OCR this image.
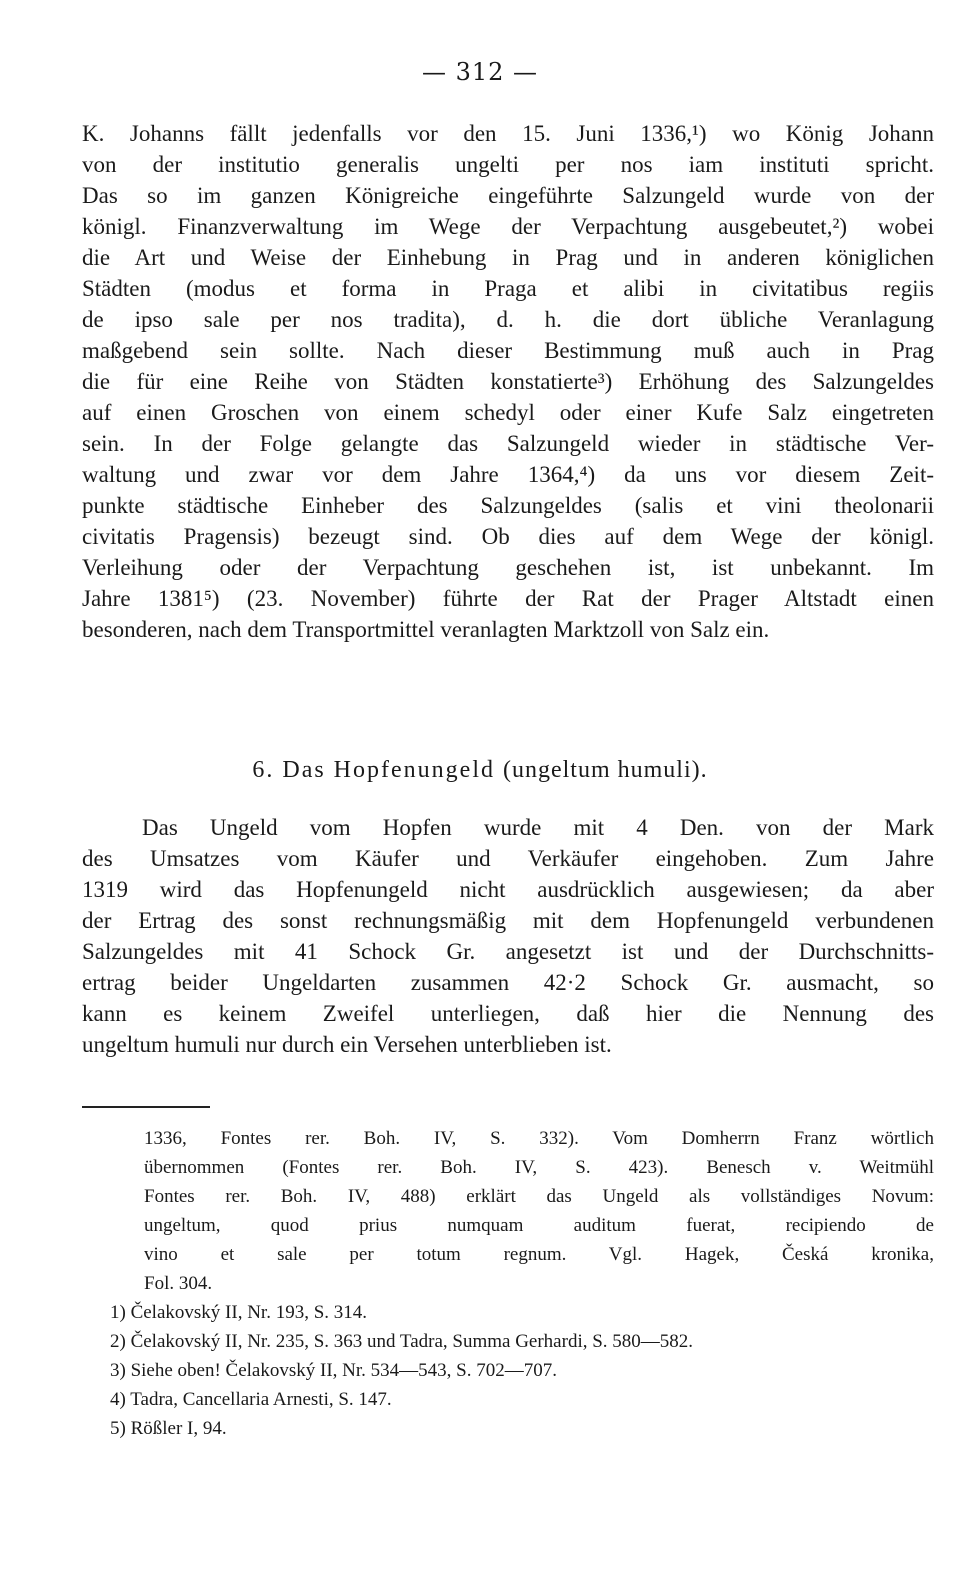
— 312 —
K. Johanns fällt jedenfalls vor den 15. Juni 1336,¹) wo König Johann
von der institutio generalis ungelti per nos iam instituti spricht.
Das so im ganzen Königreiche eingeführte Salzungeld wurde von der
königl. Finanzverwaltung im Wege der Verpachtung ausgebeutet,²) wobei
die Art und Weise der Einhebung in Prag und in anderen königlichen
Städten (modus et forma in Praga et alibi in civitatibus regiis
de ipso sale per nos tradita), d. h. die dort übliche Veranlagung
maßgebend sein sollte. Nach dieser Bestimmung muß auch in Prag
die für eine Reihe von Städten konstatierte³) Erhöhung des Salzungeldes
auf einen Groschen von einem schedyl oder einer Kufe Salz eingetreten
sein. In der Folge gelangte das Salzungeld wieder in städtische Ver-
waltung und zwar vor dem Jahre 1364,⁴) da uns vor diesem Zeit-
punkte städtische Einheber des Salzungeldes (salis et vini theolonarii
civitatis Pragensis) bezeugt sind. Ob dies auf dem Wege der königl.
Verleihung oder der Verpachtung geschehen ist, ist unbekannt. Im
Jahre 1381⁵) (23. November) führte der Rat der Prager Altstadt einen
besonderen, nach dem Transportmittel veranlagten Marktzoll von Salz ein.
6. Das Hopfenungeld (ungeltum humuli).
Das Ungeld vom Hopfen wurde mit 4 Den. von der Mark
des Umsatzes vom Käufer und Verkäufer eingehoben. Zum Jahre
1319 wird das Hopfenungeld nicht ausdrücklich ausgewiesen; da aber
der Ertrag des sonst rechnungsmäßig mit dem Hopfenungeld verbundenen
Salzungeldes mit 41 Schock Gr. angesetzt ist und der Durchschnitts-
ertrag beider Ungeldarten zusammen 42·2 Schock Gr. ausmacht, so
kann es keinem Zweifel unterliegen, daß hier die Nennung des
ungeltum humuli nur durch ein Versehen unterblieben ist.
1336, Fontes rer. Boh. IV, S. 332). Vom Domherrn Franz wörtlich
übernommen (Fontes rer. Boh. IV, S. 423). Benesch v. Weitmühl
Fontes rer. Boh. IV, 488) erklärt das Ungeld als vollständiges Novum:
ungeltum, quod prius numquam auditum fuerat, recipiendo de
vino et sale per totum regnum. Vgl. Hagek, Česká kronika,
Fol. 304.
1) Čelakovský II, Nr. 193, S. 314.
2) Čelakovský II, Nr. 235, S. 363 und Tadra, Summa Gerhardi, S. 580—582.
3) Siehe oben! Čelakovský II, Nr. 534—543, S. 702—707.
4) Tadra, Cancellaria Arnesti, S. 147.
5) Rößler I, 94.
